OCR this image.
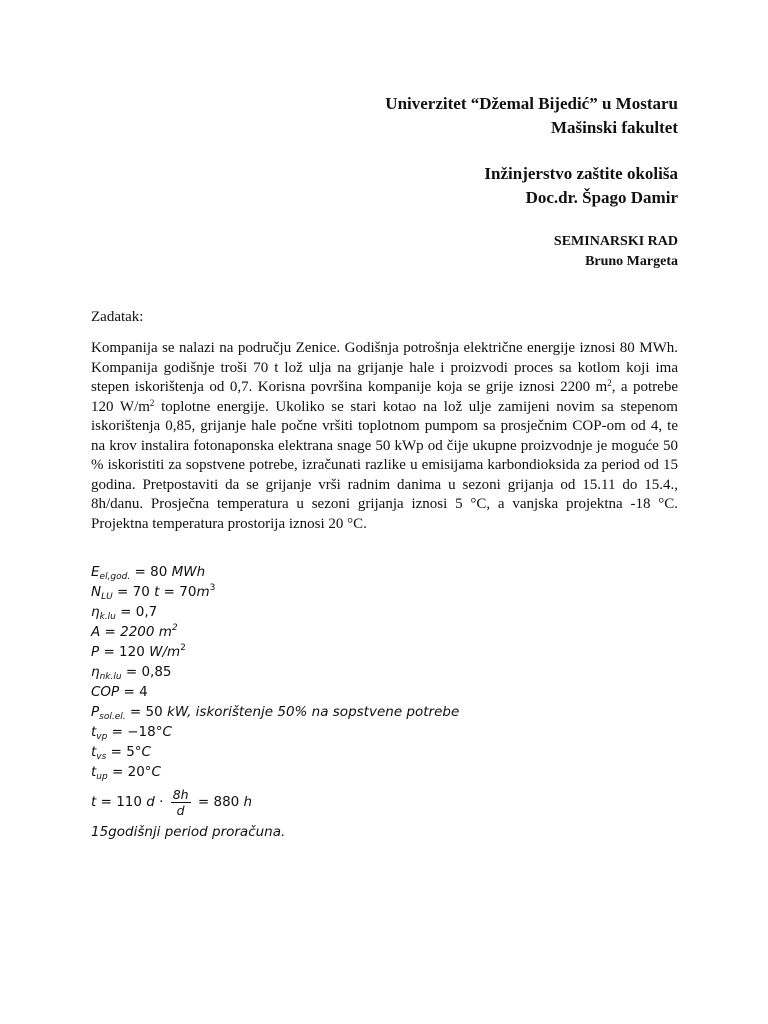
Univerzitet “Džemal Bijedić” u Mostaru
Mašinski fakultet
Inžinjerstvo zaštite okoliša
Doc.dr. Špago Damir
SEMINARSKI RAD
Bruno Margeta
Zadatak:

Kompanija se nalazi na području Zenice. Godišnja potrošnja električne energije iznosi 80 MWh. Kompanija godišnje troši 70 t lož ulja na grijanje hale i proizvodi proces sa kotlom koji ima stepen iskorištenja od 0,7. Korisna površina kompanije koja se grije iznosi 2200 $m^2$, a potrebe 120 $W/m^2$ toplotne energije. Ukoliko se stari kotao na lož ulje zamijeni novim sa stepenom iskorištenja 0,85, grijanje hale počne vršiti toplotnom pumpom sa prosječnim COP-om od 4, te na krov instalira fotonaponska elektrana snage 50 kWp od čije ukupne proizvodnje je moguće 50 % iskoristiti za sopstvene potrebe, izračunati razlike u emisijama karbondioksida za period od 15 godina. Pretpostaviti da se grijanje vrši radnim danima u sezoni grijanja od 15.11 do 15.4., 8h/danu. Prosječna temperatura u sezoni grijanja iznosi 5 °C, a vanjska projektna -18 °C. Projektna temperatura prostorija iznosi 20 °C.

$E_{el,god.} = 80$ MWh
$N_{LU} = 70$ $t = 70m^3$
$\eta_{k.lu} = 0,7$
A = 2200 $m^2$
P = 120 $W/m^2$
$\eta_{nk.lu} = 0,85$
COP = 4
$P_{sol.el.} = 50$ kW, iskorištenje 50% na sopstvene potrebe
$t_{vp} = -18^\circ C$
$t_{vs} = 5^\circ C$
$t_{up} = 20^\circ C$
t = 110 $d \cdot \frac{8h}{d} = 880$ h
15godišnji period proračuna.
